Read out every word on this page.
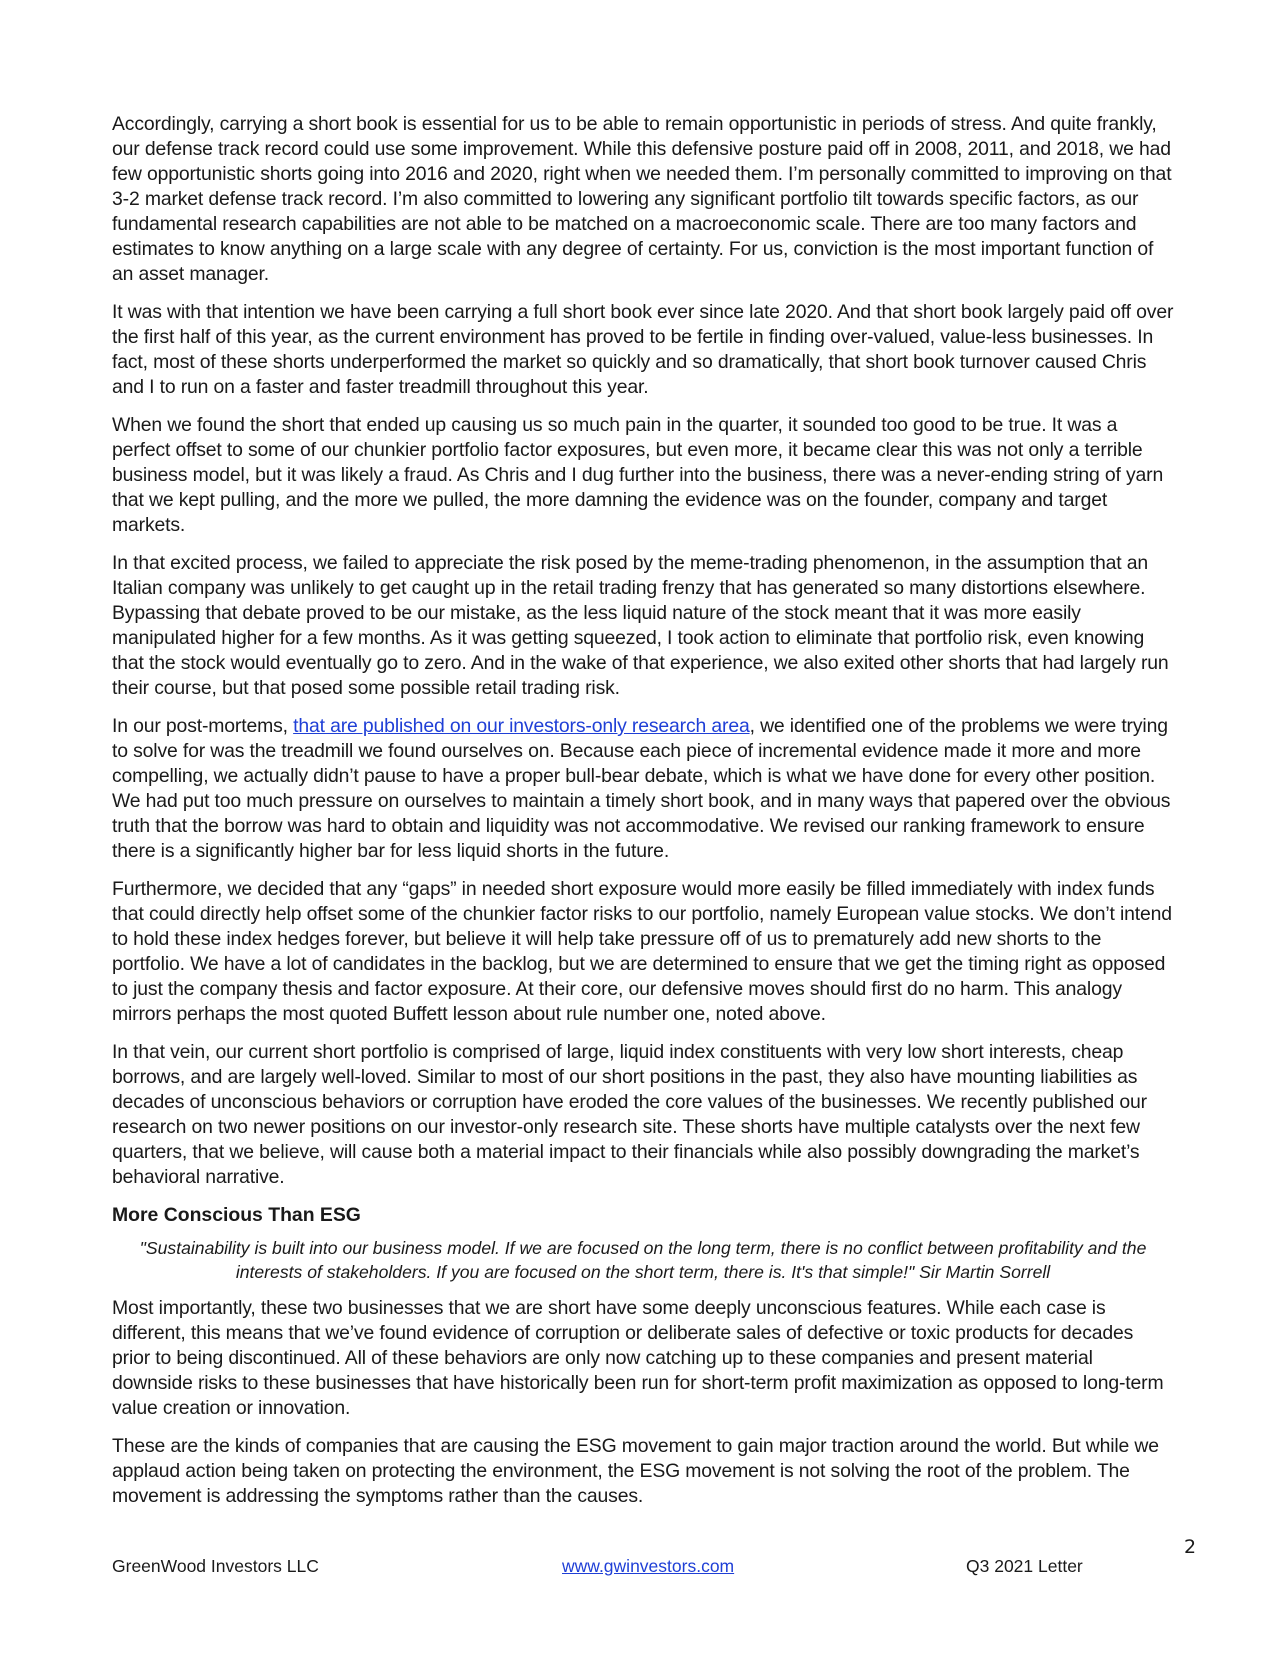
Accordingly, carrying a short book is essential for us to be able to remain opportunistic in periods of stress. And quite frankly, our defense track record could use some improvement. While this defensive posture paid off in 2008, 2011, and 2018, we had few opportunistic shorts going into 2016 and 2020, right when we needed them. I’m personally committed to improving on that 3-2 market defense track record. I’m also committed to lowering any significant portfolio tilt towards specific factors, as our fundamental research capabilities are not able to be matched on a macroeconomic scale. There are too many factors and estimates to know anything on a large scale with any degree of certainty. For us, conviction is the most important function of an asset manager.

It was with that intention we have been carrying a full short book ever since late 2020. And that short book largely paid off over the first half of this year, as the current environment has proved to be fertile in finding over-valued, value-less businesses. In fact, most of these shorts underperformed the market so quickly and so dramatically, that short book turnover caused Chris and I to run on a faster and faster treadmill throughout this year.

When we found the short that ended up causing us so much pain in the quarter, it sounded too good to be true. It was a perfect offset to some of our chunkier portfolio factor exposures, but even more, it became clear this was not only a terrible business model, but it was likely a fraud. As Chris and I dug further into the business, there was a never-ending string of yarn that we kept pulling, and the more we pulled, the more damning the evidence was on the founder, company and target markets.

In that excited process, we failed to appreciate the risk posed by the meme-trading phenomenon, in the assumption that an Italian company was unlikely to get caught up in the retail trading frenzy that has generated so many distortions elsewhere. Bypassing that debate proved to be our mistake, as the less liquid nature of the stock meant that it was more easily manipulated higher for a few months. As it was getting squeezed, I took action to eliminate that portfolio risk, even knowing that the stock would eventually go to zero. And in the wake of that experience, we also exited other shorts that had largely run their course, but that posed some possible retail trading risk.

In our post-mortems, that are published on our investors-only research area, we identified one of the problems we were trying to solve for was the treadmill we found ourselves on. Because each piece of incremental evidence made it more and more compelling, we actually didn’t pause to have a proper bull-bear debate, which is what we have done for every other position. We had put too much pressure on ourselves to maintain a timely short book, and in many ways that papered over the obvious truth that the borrow was hard to obtain and liquidity was not accommodative. We revised our ranking framework to ensure there is a significantly higher bar for less liquid shorts in the future.

Furthermore, we decided that any “gaps” in needed short exposure would more easily be filled immediately with index funds that could directly help offset some of the chunkier factor risks to our portfolio, namely European value stocks. We don’t intend to hold these index hedges forever, but believe it will help take pressure off of us to prematurely add new shorts to the portfolio. We have a lot of candidates in the backlog, but we are determined to ensure that we get the timing right as opposed to just the company thesis and factor exposure. At their core, our defensive moves should first do no harm. This analogy mirrors perhaps the most quoted Buffett lesson about rule number one, noted above.

In that vein, our current short portfolio is comprised of large, liquid index constituents with very low short interests, cheap borrows, and are largely well-loved. Similar to most of our short positions in the past, they also have mounting liabilities as decades of unconscious behaviors or corruption have eroded the core values of the businesses. We recently published our research on two newer positions on our investor-only research site. These shorts have multiple catalysts over the next few quarters, that we believe, will cause both a material impact to their financials while also possibly downgrading the market’s behavioral narrative.

More Conscious Than ESG
"Sustainability is built into our business model. If we are focused on the long term, there is no conflict between profitability and the interests of stakeholders. If you are focused on the short term, there is. It's that simple!" Sir Martin Sorrell

Most importantly, these two businesses that we are short have some deeply unconscious features. While each case is different, this means that we’ve found evidence of corruption or deliberate sales of defective or toxic products for decades prior to being discontinued. All of these behaviors are only now catching up to these companies and present material downside risks to these businesses that have historically been run for short-term profit maximization as opposed to long-term value creation or innovation.

These are the kinds of companies that are causing the ESG movement to gain major traction around the world. But while we applaud action being taken on protecting the environment, the ESG movement is not solving the root of the problem. The movement is addressing the symptoms rather than the causes.

2
GreenWood Investors LLC	www.gwinvestors.com	Q3 2021 Letter
